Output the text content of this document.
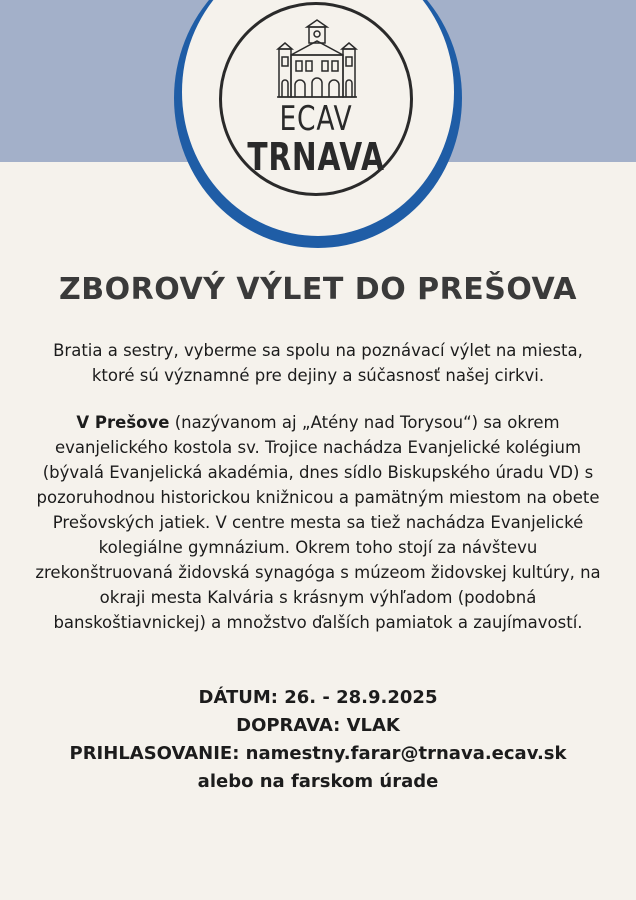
ECAV
TRNAVA
ZBOROVÝ VÝLET DO PREŠOVA

Bratia a sestry, vyberme sa spolu na poznávací výlet na miesta, ktoré sú významné pre dejiny a súčasnosť našej cirkvi.

V Prešove (nazývanom aj „Atény nad Torysou“) sa okrem evanjelického kostola sv. Trojice nachádza Evanjelické kolégium (bývalá Evanjelická akadémia, dnes sídlo Biskupského úradu VD) s pozoruhodnou historickou knižnicou a pamätným miestom na obete Prešovských jatiek. V centre mesta sa tiež nachádza Evanjelické kolegiálne gymnázium. Okrem toho stojí za návštevu zrekonštruovaná židovská synagóga s múzeom židovskej kultúry, na okraji mesta Kalvária s krásnym výhľadom (podobná banskoštiavnickej) a množstvo ďalších pamiatok a zaujímavostí.

DÁTUM: 26. - 28.9.2025
DOPRAVA: VLAK
PRIHLASOVANIE: namestny.farar@trnava.ecav.sk
alebo na farskom úrade
